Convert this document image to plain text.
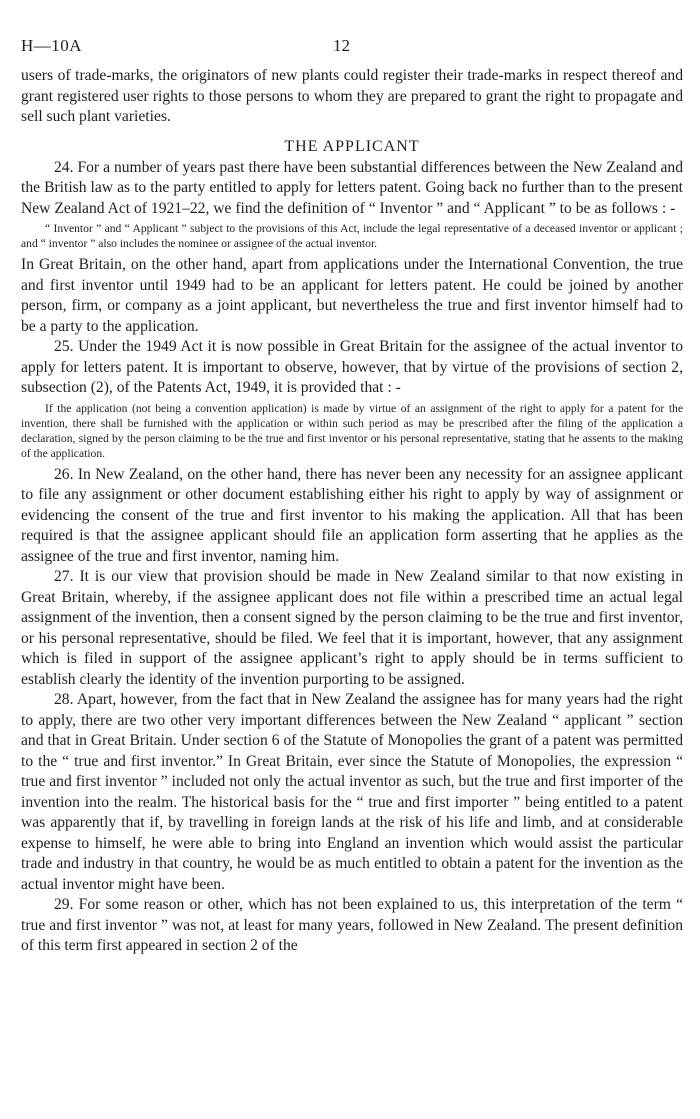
H—10A	12

users of trade-marks, the originators of new plants could register their trade-marks in respect thereof and grant registered user rights to those persons to whom they are prepared to grant the right to propagate and sell such plant varieties.

THE APPLICANT

24. For a number of years past there have been substantial differences between the New Zealand and the British law as to the party entitled to apply for letters patent. Going back no further than to the present New Zealand Act of 1921–22, we find the definition of “ Inventor ” and “ Applicant ” to be as follows : -

“ Inventor ” and “ Applicant ” subject to the provisions of this Act, include the legal representative of a deceased inventor or applicant ; and “ inventor ” also includes the nominee or assignee of the actual inventor.

In Great Britain, on the other hand, apart from applications under the International Convention, the true and first inventor until 1949 had to be an applicant for letters patent. He could be joined by another person, firm, or company as a joint applicant, but nevertheless the true and first inventor himself had to be a party to the application.

25. Under the 1949 Act it is now possible in Great Britain for the assignee of the actual inventor to apply for letters patent. It is important to observe, however, that by virtue of the provisions of section 2, subsection (2), of the Patents Act, 1949, it is provided that : -

If the application (not being a convention application) is made by virtue of an assignment of the right to apply for a patent for the invention, there shall be furnished with the application or within such period as may be prescribed after the filing of the application a declaration, signed by the person claiming to be the true and first inventor or his personal representative, stating that he assents to the making of the application.

26. In New Zealand, on the other hand, there has never been any necessity for an assignee applicant to file any assignment or other document establishing either his right to apply by way of assignment or evidencing the consent of the true and first inventor to his making the application. All that has been required is that the assignee applicant should file an application form asserting that he applies as the assignee of the true and first inventor, naming him.

27. It is our view that provision should be made in New Zealand similar to that now existing in Great Britain, whereby, if the assignee applicant does not file within a prescribed time an actual legal assignment of the invention, then a consent signed by the person claiming to be the true and first inventor, or his personal representative, should be filed. We feel that it is important, however, that any assignment which is filed in support of the assignee applicant’s right to apply should be in terms sufficient to establish clearly the identity of the invention purporting to be assigned.

28. Apart, however, from the fact that in New Zealand the assignee has for many years had the right to apply, there are two other very important differences between the New Zealand “ applicant ” section and that in Great Britain. Under section 6 of the Statute of Monopolies the grant of a patent was permitted to the “ true and first inventor.” In Great Britain, ever since the Statute of Monopolies, the expression “ true and first inventor ” included not only the actual inventor as such, but the true and first importer of the invention into the realm. The historical basis for the “ true and first importer ” being entitled to a patent was apparently that if, by travelling in foreign lands at the risk of his life and limb, and at considerable expense to himself, he were able to bring into England an invention which would assist the particular trade and industry in that country, he would be as much entitled to obtain a patent for the invention as the actual inventor might have been.

29. For some reason or other, which has not been explained to us, this interpretation of the term “ true and first inventor ” was not, at least for many years, followed in New Zealand. The present definition of this term first appeared in section 2 of the
